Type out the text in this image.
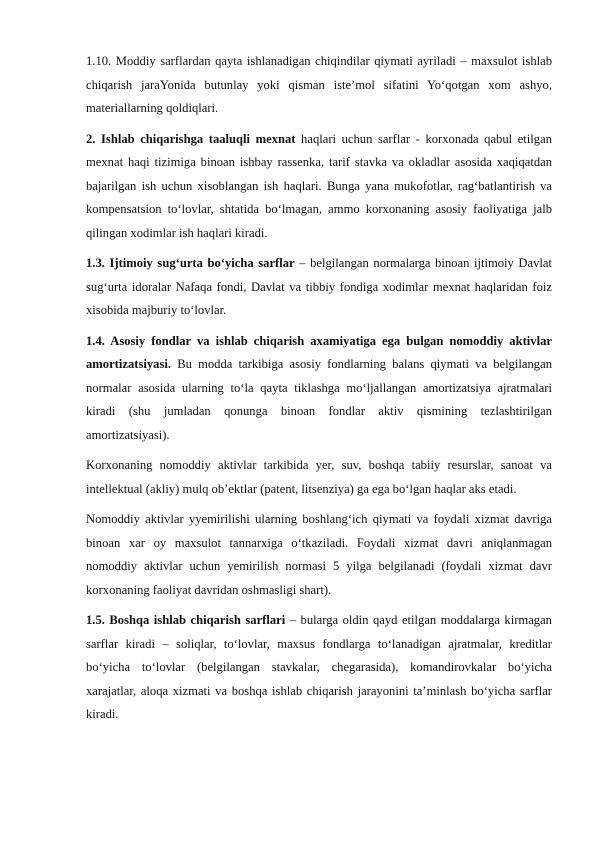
1.10. Moddiy sarflardan qayta ishlanadigan chiqindilar qiymati ayriladi – maxsulot ishlab chiqarish jaraYonida butunlay yoki qisman iste’mol sifatini Yo‘qotgan xom ashyo, materiallarning qoldiqlari.

2. Ishlab chiqarishga taaluqli mexnat haqlari uchun sarflar - korxonada qabul etilgan mexnat haqi tizimiga binoan ishbay rassenka, tarif stavka va okladlar asosida xaqiqatdan bajarilgan ish uchun xisoblangan ish haqlari. Bunga yana mukofotlar, rag‘batlantirish va kompensatsion to‘lovlar, shtatida bo‘lmagan, ammo korxonaning asosiy faoliyatiga jalb qilingan xodimlar ish haqlari kiradi.

1.3. Ijtimoiy sug‘urta bo‘yicha sarflar – belgilangan normalarga binoan ijtimoiy Davlat sug‘urta idoralar Nafaqa fondi, Davlat va tibbiy fondiga xodimlar mexnat haqlaridan foiz xisobida majburiy to‘lovlar.

1.4. Asosiy fondlar va ishlab chiqarish axamiyatiga ega bulgan nomoddiy aktivlar amortizatsiyasi. Bu modda tarkibiga asosiy fondlarning balans qiymati va belgilangan normalar asosida ularning to‘la qayta tiklashga mo‘ljallangan amortizatsiya ajratmalari kiradi (shu jumladan qonunga binoan fondlar aktiv qismining tezlashtirilgan amortizatsiyasi).

Korxonaning nomoddiy aktivlar tarkibida yer, suv, boshqa tabiiy resurslar, sanoat va intellektual (akliy) mulq ob’ektlar (patent, litsenziya) ga ega bo‘lgan haqlar aks etadi.

Nomoddiy aktivlar yyemirilishi ularning boshlang‘ich qiymati va foydali xizmat davriga binoan xar oy maxsulot tannarxiga o‘tkaziladi. Foydali xizmat davri aniqlanmagan nomoddiy aktivlar uchun yemirilish normasi 5 yilga belgilanadi (foydali xizmat davr korxonaning faoliyat davridan oshmasligi shart).

1.5. Boshqa ishlab chiqarish sarflari – bularga oldin qayd etilgan moddalarga kirmagan sarflar kiradi – soliqlar, to‘lovlar, maxsus fondlarga to‘lanadigan ajratmalar, kreditlar bo‘yicha to‘lovlar (belgilangan stavkalar, chegarasida), komandirovkalar bo‘yicha xarajatlar, aloqa xizmati va boshqa ishlab chiqarish jarayonini ta’minlash bo‘yicha sarflar kiradi.
